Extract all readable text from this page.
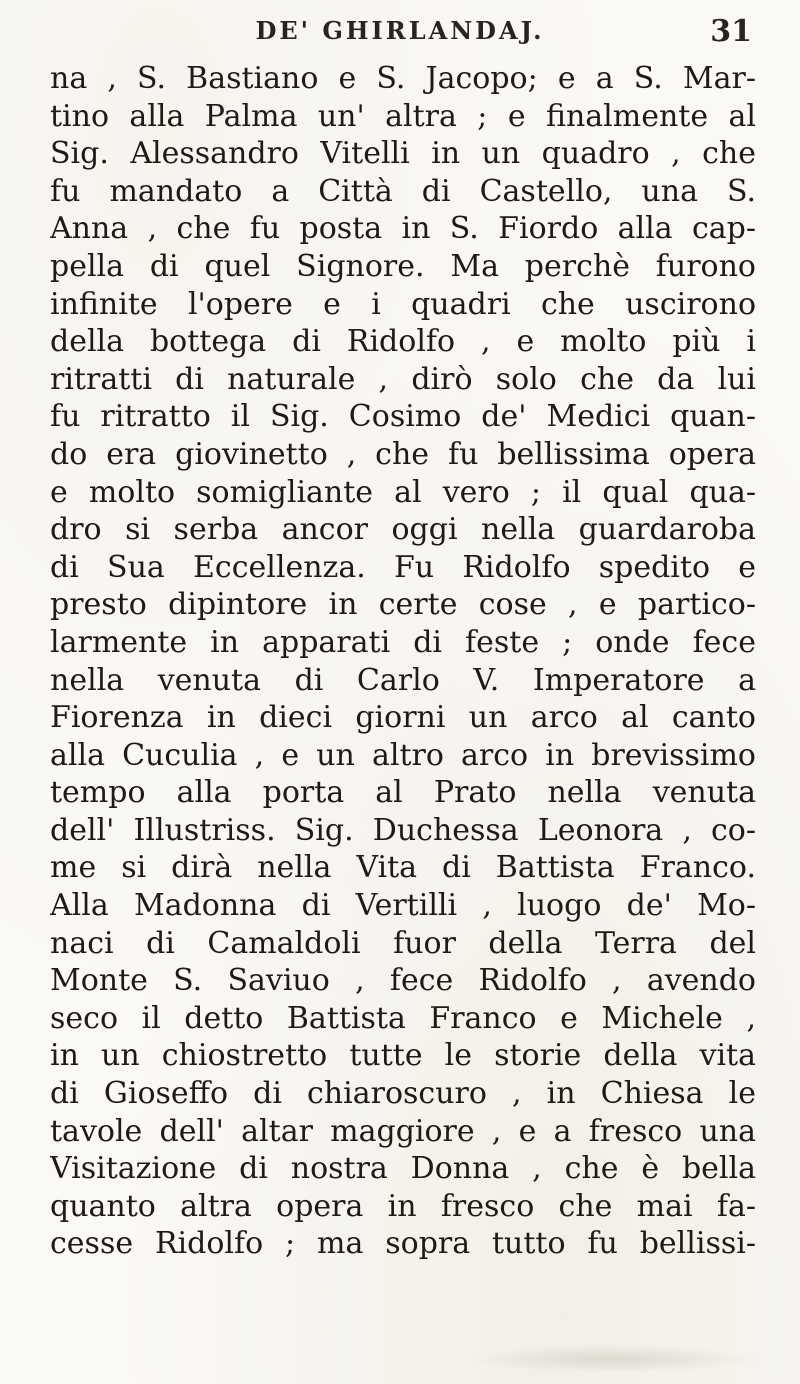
DE' GHIRLANDAJ.	31
na , S. Bastiano e S. Jacopo; e a S. Mar-
tino alla Palma un' altra ; e finalmente al
Sig. Alessandro Vitelli in un quadro , che
fu mandato a Città di Castello, una S.
Anna , che fu posta in S. Fiordo alla cap-
pella di quel Signore. Ma perchè furono
infinite l'opere e i quadri che uscirono
della bottega di Ridolfo , e molto più i
ritratti di naturale , dirò solo che da lui
fu ritratto il Sig. Cosimo de' Medici quan-
do era giovinetto , che fu bellissima opera
e molto somigliante al vero ; il qual qua-
dro si serba ancor oggi nella guardaroba
di Sua Eccellenza. Fu Ridolfo spedito e
presto dipintore in certe cose , e partico-
larmente in apparati di feste ; onde fece
nella venuta di Carlo V. Imperatore a
Fiorenza in dieci giorni un arco al canto
alla Cuculia , e un altro arco in brevissimo
tempo alla porta al Prato nella venuta
dell' Illustriss. Sig. Duchessa Leonora , co-
me si dirà nella Vita di Battista Franco.
Alla Madonna di Vertilli , luogo de' Mo-
naci di Camaldoli fuor della Terra del
Monte S. Saviuo , fece Ridolfo , avendo
seco il detto Battista Franco e Michele ,
in un chiostretto tutte le storie della vita
di Gioseffo di chiaroscuro , in Chiesa le
tavole dell' altar maggiore , e a fresco una
Visitazione di nostra Donna , che è bella
quanto altra opera in fresco che mai fa-
cesse Ridolfo ; ma sopra tutto fu bellissi-
